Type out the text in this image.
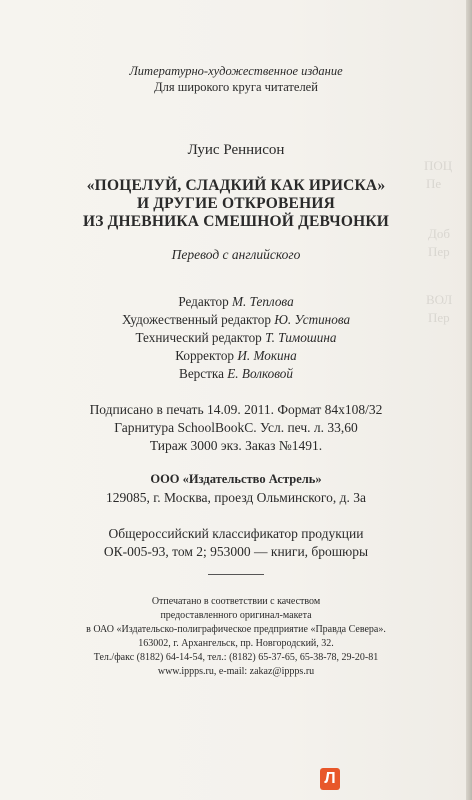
ПОЦ
Пе
Доб
Пер
ВОЛ
Пер
Литературно-художественное издание
Для широкого круга читателей
Луис Реннисон
«ПОЦЕЛУЙ, СЛАДКИЙ КАК ИРИСКА»
И ДРУГИЕ ОТКРОВЕНИЯ
ИЗ ДНЕВНИКА СМЕШНОЙ ДЕВЧОНКИ
Перевод с английского
Редактор М. Теплова
Художественный редактор Ю. Устинова
Технический редактор Т. Тимошина
Корректор И. Мокина
Верстка Е. Волковой
Подписано в печать 14.09. 2011. Формат 84х108/32
Гарнитура SchoolBookC. Усл. печ. л. 33,60
Тираж 3000 экз. Заказ №1491.
ООО «Издательство Астрель»
129085, г. Москва, проезд Ольминского, д. 3а
Общероссийский классификатор продукции
ОК-005-93, том 2; 953000 — книги, брошюры
Отпечатано в соответствии с качеством
предоставленного оригинал-макета
в ОАО «Издательско-полиграфическое предприятие «Правда Севера».
163002, г. Архангельск, пр. Новгородский, 32.
Тел./факс (8182) 64-14-54, тел.: (8182) 65-37-65, 65-38-78, 29-20-81
www.ippps.ru, e-mail: zakaz@ippps.ru
Л
